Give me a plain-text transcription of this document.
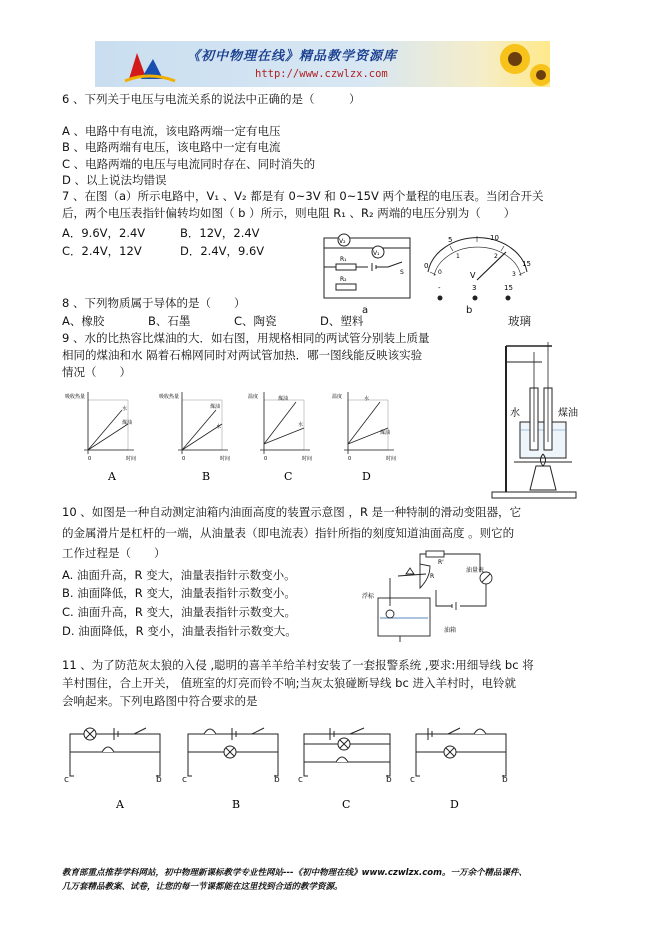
《初中物理在线》精品教学资源库
http://www.czwlzx.com
6 、下列关于电压与电流关系的说法中正确的是（　　　）
A 、电路中有电流，该电路两端一定有电压
B 、电路两端有电压，该电路中一定有电流
C 、电路两端的电压与电流同时存在、同时消失的
D 、以上说法均错误
7 、在图（a）所示电路中，V₁ 、V₂ 都是有 0~3V 和 0~15V 两个量程的电压表。当闭合开关
后，两个电压表指针偏转均如图（ b ）所示，则电阻 R₁ 、R₂ 两端的电压分别为（　　）
A．9.6V，2.4V	B．12V，2.4V
C．2.4V，12V	D．2.4V，9.6V
V₂
V₁
R₁
S
R₂
a
0
5	10
15
0
1	2
3
V
-	3	15
b
8 、下列物质属于导体的是（　　）
A、橡胶	B、石墨	C、陶瓷	D、塑料	玻璃
9 、水的比热容比煤油的大．如右图，用规格相同的两试管分别装上质量
相同的煤油和水 隔着石棉网同时对两试管加热．哪一图线能反映该实验
情况（　　）
吸收热量
水
煤油
0	时间
吸收热量
煤油
水
0	时间
温度	煤油
水
0	时间
温度	水
煤油
0	时间
A	B	C	D
水	煤油
10 、如图是一种自动测定油箱内油面高度的装置示意图 ，R 是一种特制的滑动变阻器，它
的金属滑片是杠杆的一端，从油量表（即电流表）指针所指的刻度知道油面高度 。则它的
工作过程是（　　）
A. 油面升高，R 变大，油量表指针示数变小。
B. 油面降低，R 变大，油量表指针示数变小。
C. 油面升高，R 变大，油量表指针示数变大。
D. 油面降低，R 变小，油量表指针示数变大。
R'
R
油量表
浮标
油箱
11 、为了防范灰太狼的入侵 ,聪明的喜羊羊给羊村安装了一套报警系统 ,要求:用细导线 bc 将
羊村围住，合上开关， 值班室的灯亮而铃不响;当灰太狼碰断导线 bc 进入羊村时，电铃就
会响起来。下列电路图中符合要求的是
c	b c	b c	b c	b
A	B	C	D
教育部重点推荐学科网站，初中物理新课标教学专业性网站---《初中物理在线》www.czwlzx.com。一万余个精品课件、
几万套精品教案、试卷，让您的每一节课都能在这里找到合适的教学资源。
